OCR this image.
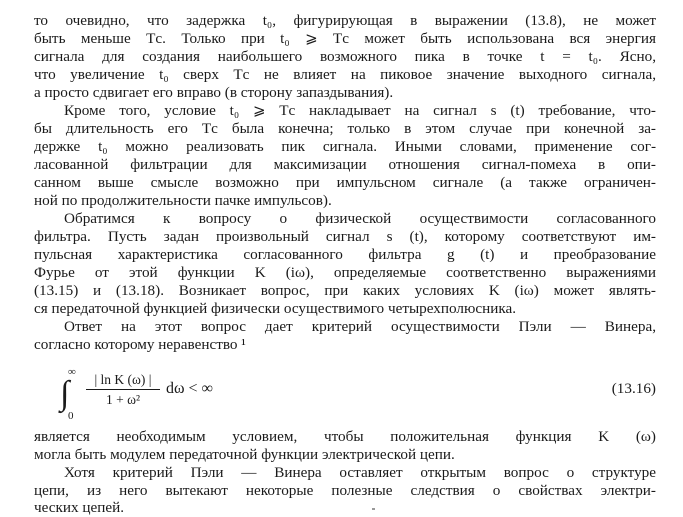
то очевидно, что задержка t₀, фигурирующая в выражении (13.8), не может
быть меньше Tс. Только при t₀ ⩾ Tс может быть использована вся энергия
сигнала для создания наибольшего возможного пика в точке t = t₀. Ясно,
что увеличение t₀ сверх Tс не влияет на пиковое значение выходного сигнала,
а просто сдвигает его вправо (в сторону запаздывания).
Кроме того, условие t₀ ⩾ Tс накладывает на сигнал s (t) требование, что-
бы длительность его Tс была конечна; только в этом случае при конечной за-
держке t₀ можно реализовать пик сигнала. Иными словами, применение сог-
ласованной фильтрации для максимизации отношения сигнал-помеха в опи-
санном выше смысле возможно при импульсном сигнале (а также ограничен-
ной по продолжительности пачке импульсов).
Обратимся к вопросу о физической осуществимости согласованного
фильтра. Пусть задан произвольный сигнал s (t), которому соответствуют им-
пульсная характеристика согласованного фильтра g (t) и преобразование
Фурье от этой функции K (iω), определяемые соответственно выражениями
(13.15) и (13.18). Возникает вопрос, при каких условиях K (iω) может являть-
ся передаточной функцией физически осуществимого четырехполюсника.
Ответ на этот вопрос дает критерий осуществимости Пэли — Винера,
согласно которому неравенство ¹
∫
∞
0
| ln K (ω) |
1 + ω²
dω < ∞	(13.16)
является необходимым условием, чтобы положительная функция K (ω)
могла быть модулем передаточной функции электрической цепи.
Хотя критерий Пэли — Винера оставляет открытым вопрос о структуре
цепи, из него вытекают некоторые полезные следствия о свойствах электри-
ческих цепей.
